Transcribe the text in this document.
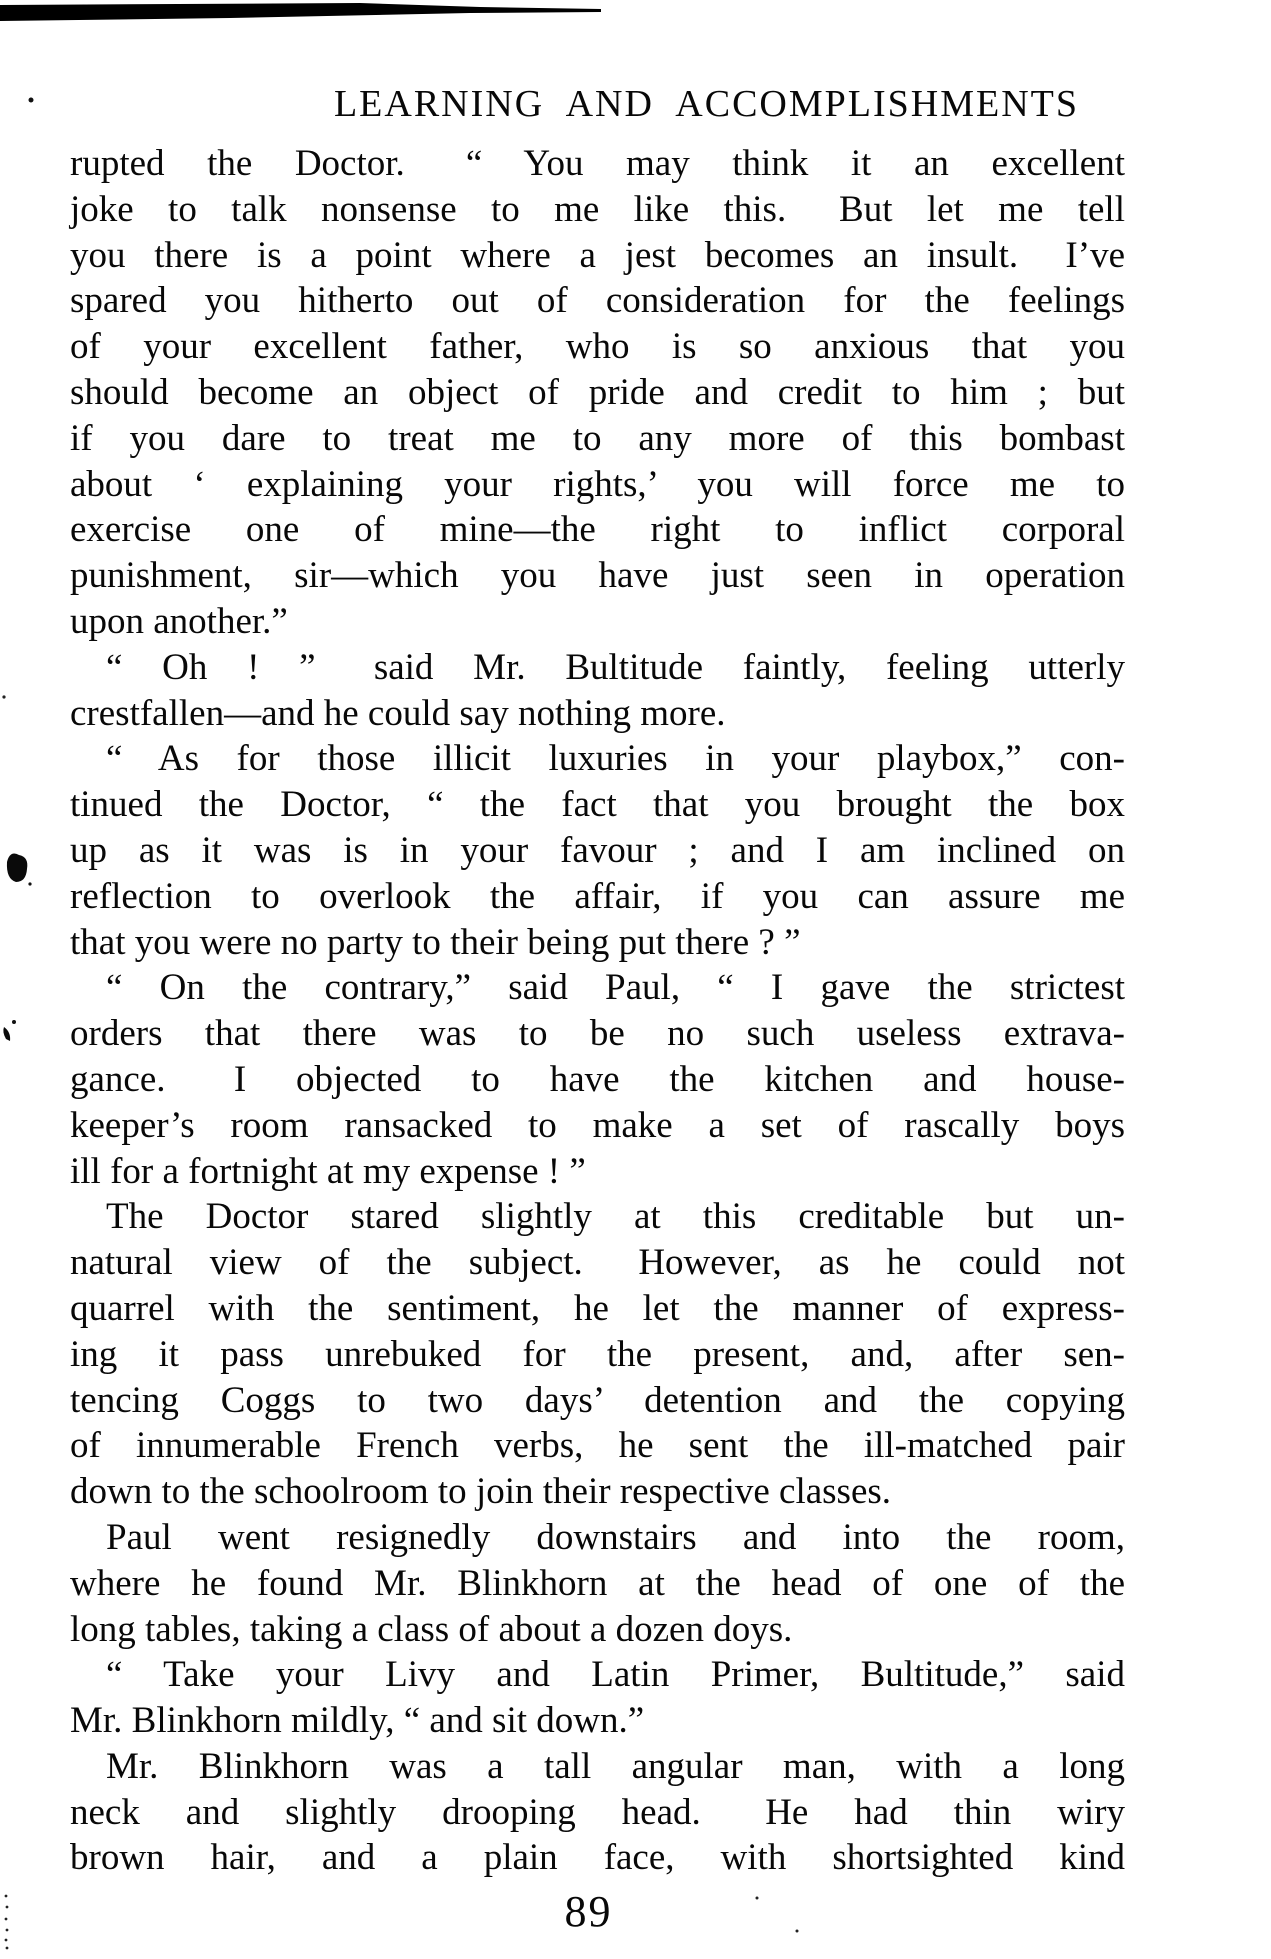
LEARNING AND ACCOMPLISHMENTS
rupted the Doctor.  “ You may think it an excellent
joke to talk nonsense to me like this.  But let me tell
you there is a point where a jest becomes an insult.  I’ve
spared you hitherto out of consideration for the feelings
of your excellent father, who is so anxious that you
should become an object of pride and credit to him ; but
if you dare to treat me to any more of this bombast
about ‘ explaining your rights,’ you will force me to
exercise one of mine—the right to inflict corporal
punishment, sir—which you have just seen in operation
upon another.”
“ Oh ! ”  said Mr. Bultitude faintly, feeling utterly
crestfallen—and he could say nothing more.
“ As for those illicit luxuries in your playbox,” con-
tinued the Doctor, “ the fact that you brought the box
up as it was is in your favour ; and I am inclined on
reflection to overlook the affair, if you can assure me
that you were no party to their being put there ? ”
“ On the contrary,” said Paul, “ I gave the strictest
orders that there was to be no such useless extrava-
gance.  I objected to have the kitchen and house-
keeper’s room ransacked to make a set of rascally boys
ill for a fortnight at my expense ! ”
The Doctor stared slightly at this creditable but un-
natural view of the subject.  However, as he could not
quarrel with the sentiment, he let the manner of express-
ing it pass unrebuked for the present, and, after sen-
tencing Coggs to two days’ detention and the copying
of innumerable French verbs, he sent the ill-matched pair
down to the schoolroom to join their respective classes.
Paul went resignedly downstairs and into the room,
where he found Mr. Blinkhorn at the head of one of the
long tables, taking a class of about a dozen doys.
“ Take your Livy and Latin Primer, Bultitude,” said
Mr. Blinkhorn mildly, “ and sit down.”
Mr. Blinkhorn was a tall angular man, with a long
neck and slightly drooping head.  He had thin wiry
brown hair, and a plain face, with shortsighted kind
89
